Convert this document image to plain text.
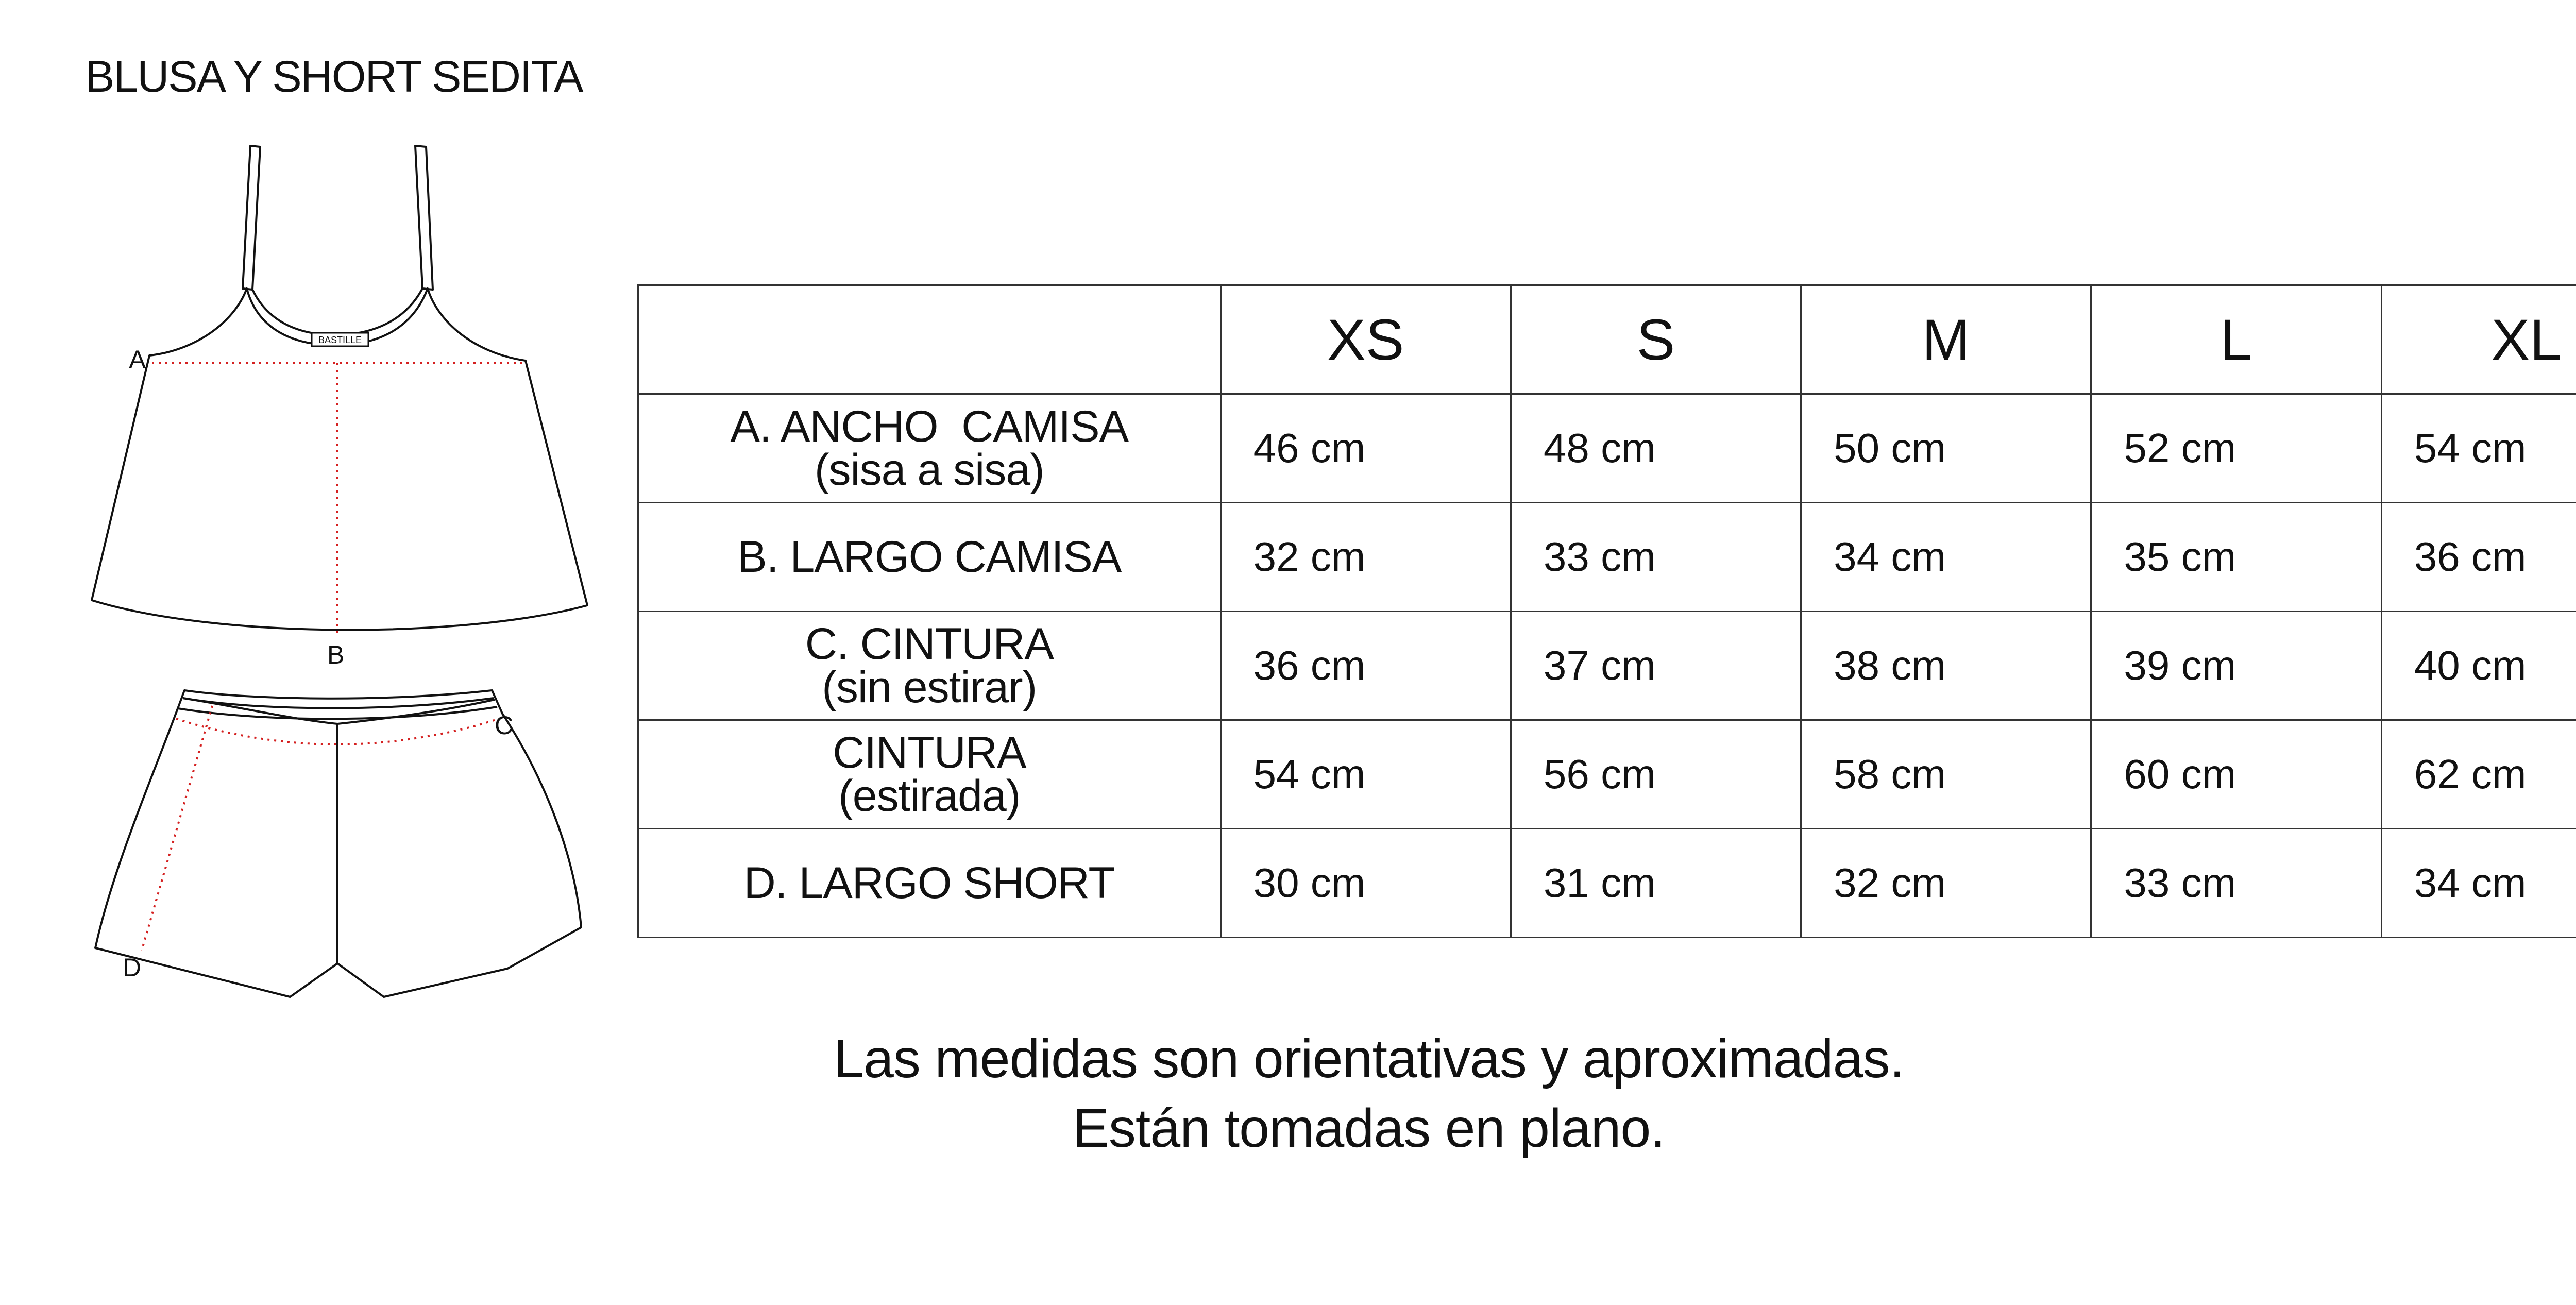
BLUSA Y SHORT SEDITA
BASTILLE
A
B
C
D
	XS	S	M	L	XL

A. ANCHO  CAMISA
(sisa a sisa)	46 cm	48 cm	50 cm	52 cm	54 cm

B. LARGO CAMISA	32 cm	33 cm	34 cm	35 cm	36 cm

C. CINTURA
(sin estirar)	36 cm	37 cm	38 cm	39 cm	40 cm

CINTURA
(estirada)	54 cm	56 cm	58 cm	60 cm	62 cm

D. LARGO SHORT	30 cm	31 cm	32 cm	33 cm	34 cm
Las medidas son orientativas y aproximadas.
Están tomadas en plano.
